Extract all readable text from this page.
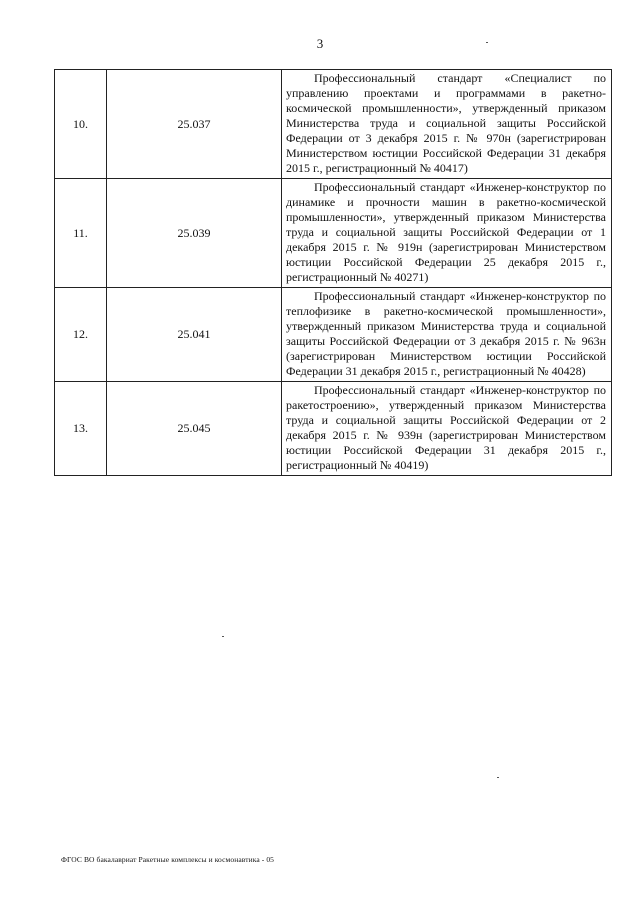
3
10.	25.037	Профессиональный стандарт «Специалист по управлению проектами и программами в ракетно-космической промышленности», утвержденный приказом Министерства труда и социальной защиты Российской Федерации от 3 декабря 2015 г. № 970н (зарегистрирован Министерством юстиции Российской Федерации 31 декабря 2015 г., регистрационный № 40417)
11.	25.039	Профессиональный стандарт «Инженер-конструктор по динамике и прочности машин в ракетно-космической промышленности», утвержденный приказом Министерства труда и социальной защиты Российской Федерации от 1 декабря 2015 г. № 919н (зарегистрирован Министерством юстиции Российской Федерации 25 декабря 2015 г., регистрационный № 40271)
12.	25.041	Профессиональный стандарт «Инженер-конструктор по теплофизике в ракетно-космической промышленности», утвержденный приказом Министерства труда и социальной защиты Российской Федерации от 3 декабря 2015 г. № 963н (зарегистрирован Министерством юстиции Российской Федерации 31 декабря 2015 г., регистрационный № 40428)
13.	25.045	Профессиональный стандарт «Инженер-конструктор по ракетостроению», утвержденный приказом Министерства труда и социальной защиты Российской Федерации от 2 декабря 2015 г. № 939н (зарегистрирован Министерством юстиции Российской Федерации 31 декабря 2015 г., регистрационный № 40419)
ФГОС ВО бакалавриат Ракетные комплексы и космонавтика - 05
